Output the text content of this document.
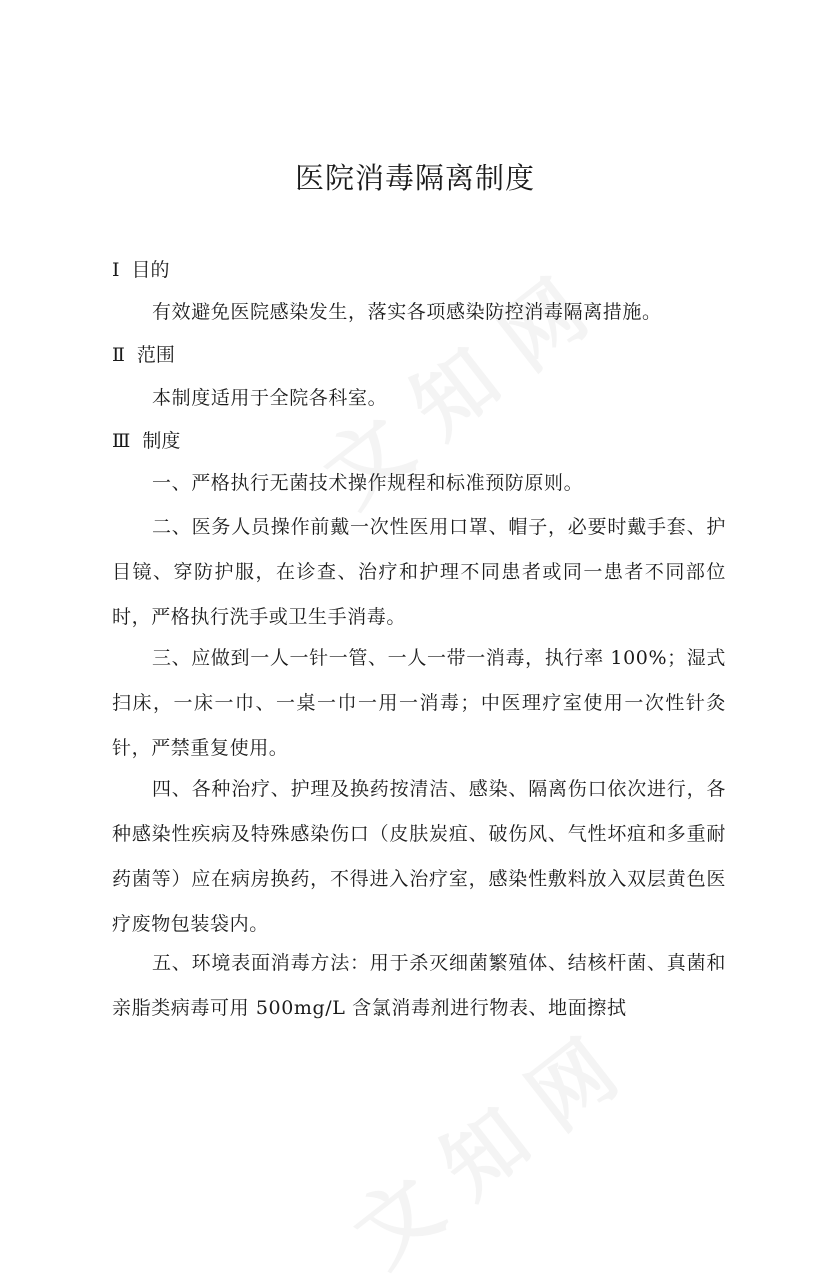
医院消毒隔离制度
Ⅰ 目的
有效避免医院感染发生，落实各项感染防控消毒隔离措施。
Ⅱ 范围
本制度适用于全院各科室。
Ⅲ 制度
一、严格执行无菌技术操作规程和标准预防原则。
二、医务人员操作前戴一次性医用口罩、帽子，必要时戴手套、护目镜、穿防护服，在诊查、治疗和护理不同患者或同一患者不同部位时，严格执行洗手或卫生手消毒。
三、应做到一人一针一管、一人一带一消毒，执行率 100%；湿式扫床，一床一巾、一桌一巾一用一消毒；中医理疗室使用一次性针灸针，严禁重复使用。
四、各种治疗、护理及换药按清洁、感染、隔离伤口依次进行，各种感染性疾病及特殊感染伤口（皮肤炭疽、破伤风、气性坏疽和多重耐药菌等）应在病房换药，不得进入治疗室，感染性敷料放入双层黄色医疗废物包装袋内。
五、环境表面消毒方法：用于杀灭细菌繁殖体、结核杆菌、真菌和亲脂类病毒可用 500mg/L 含氯消毒剂进行物表、地面擦拭
